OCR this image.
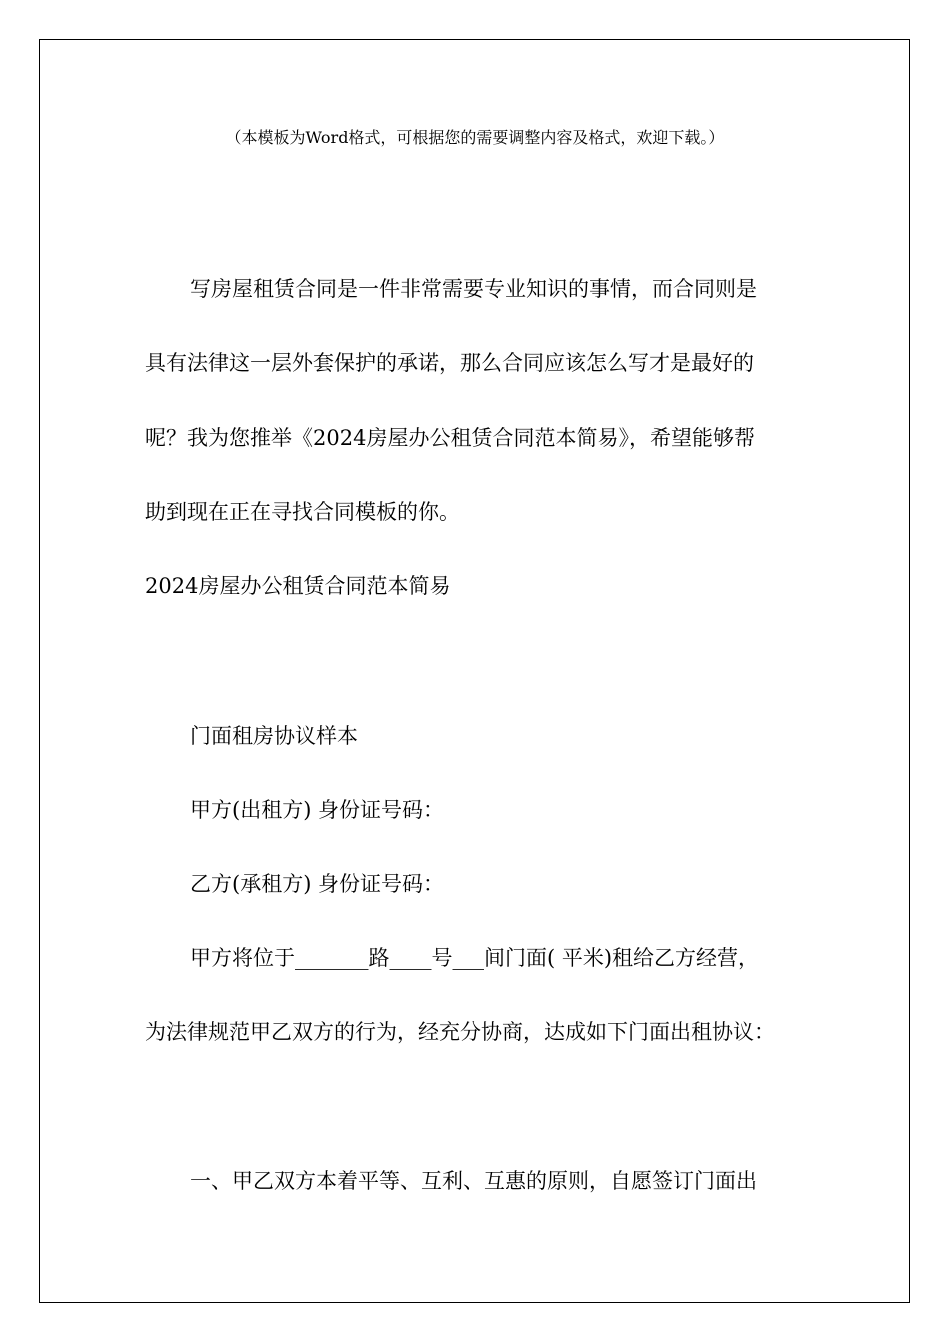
（本模板为Word格式，可根据您的需要调整内容及格式，欢迎下载。）
写房屋租赁合同是一件非常需要专业知识的事情，而合同则是
具有法律这一层外套保护的承诺，那么合同应该怎么写才是最好的
呢？我为您推举《2024房屋办公租赁合同范本简易》，希望能够帮
助到现在正在寻找合同模板的你。
2024房屋办公租赁合同范本简易
门面租房协议样本
甲方(出租方) 身份证号码：
乙方(承租方) 身份证号码：
甲方将位于_______路____号___间门面( 平米)租给乙方经营，
为法律规范甲乙双方的行为，经充分协商，达成如下门面出租协议：
一、甲乙双方本着平等、互利、互惠的原则，自愿签订门面出
